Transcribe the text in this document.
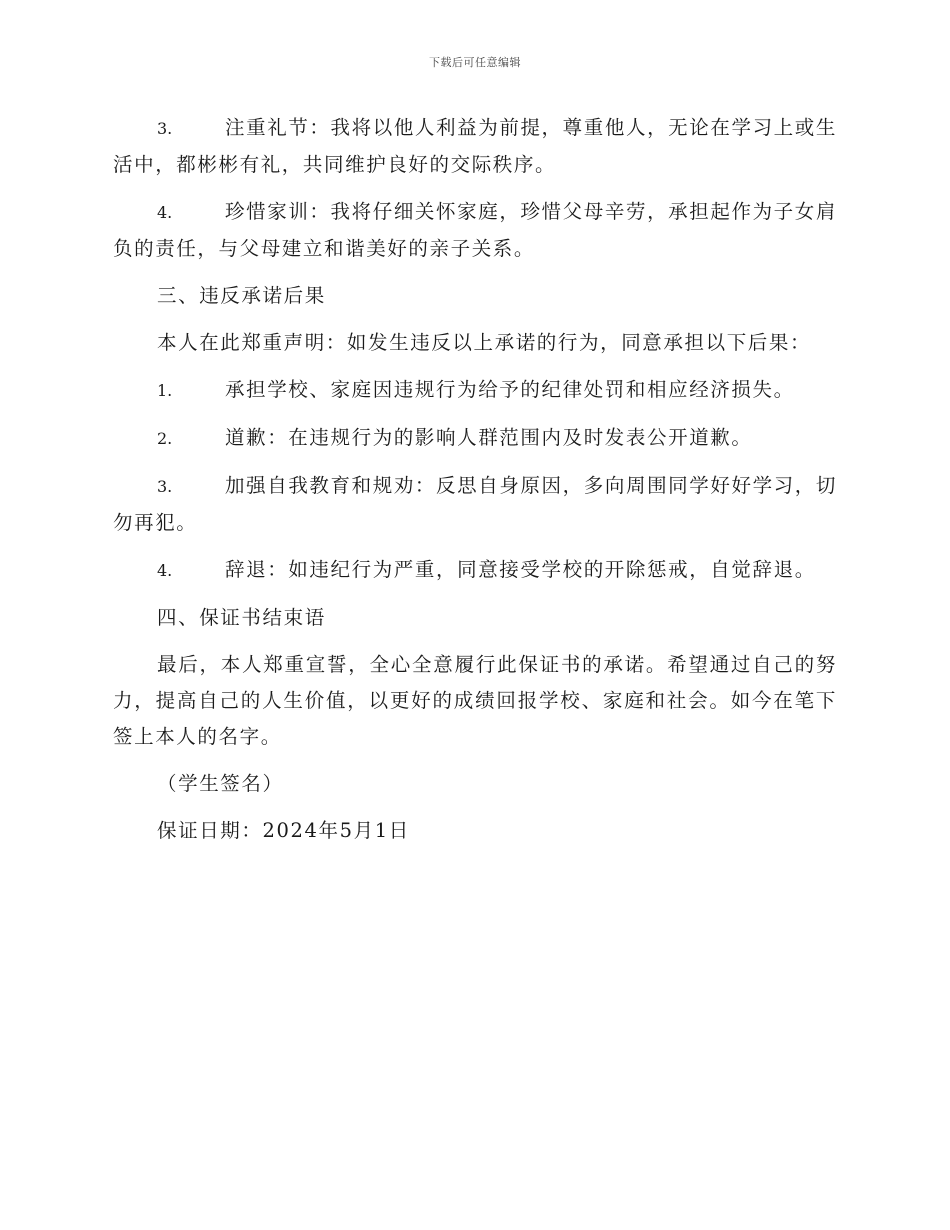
下载后可任意编辑
3.	注重礼节：我将以他人利益为前提，尊重他人，无论在学习上或生活中，都彬彬有礼，共同维护良好的交际秩序。
4.	珍惜家训：我将仔细关怀家庭，珍惜父母辛劳，承担起作为子女肩负的责任，与父母建立和谐美好的亲子关系。
三、违反承诺后果
本人在此郑重声明：如发生违反以上承诺的行为，同意承担以下后果：
1.	承担学校、家庭因违规行为给予的纪律处罚和相应经济损失。
2.	道歉：在违规行为的影响人群范围内及时发表公开道歉。
3.	加强自我教育和规劝：反思自身原因，多向周围同学好好学习，切勿再犯。
4.	辞退：如违纪行为严重，同意接受学校的开除惩戒，自觉辞退。
四、保证书结束语
最后，本人郑重宣誓，全心全意履行此保证书的承诺。希望通过自己的努力，提高自己的人生价值，以更好的成绩回报学校、家庭和社会。如今在笔下签上本人的名字。
（学生签名）
保证日期：2024年5月1日
